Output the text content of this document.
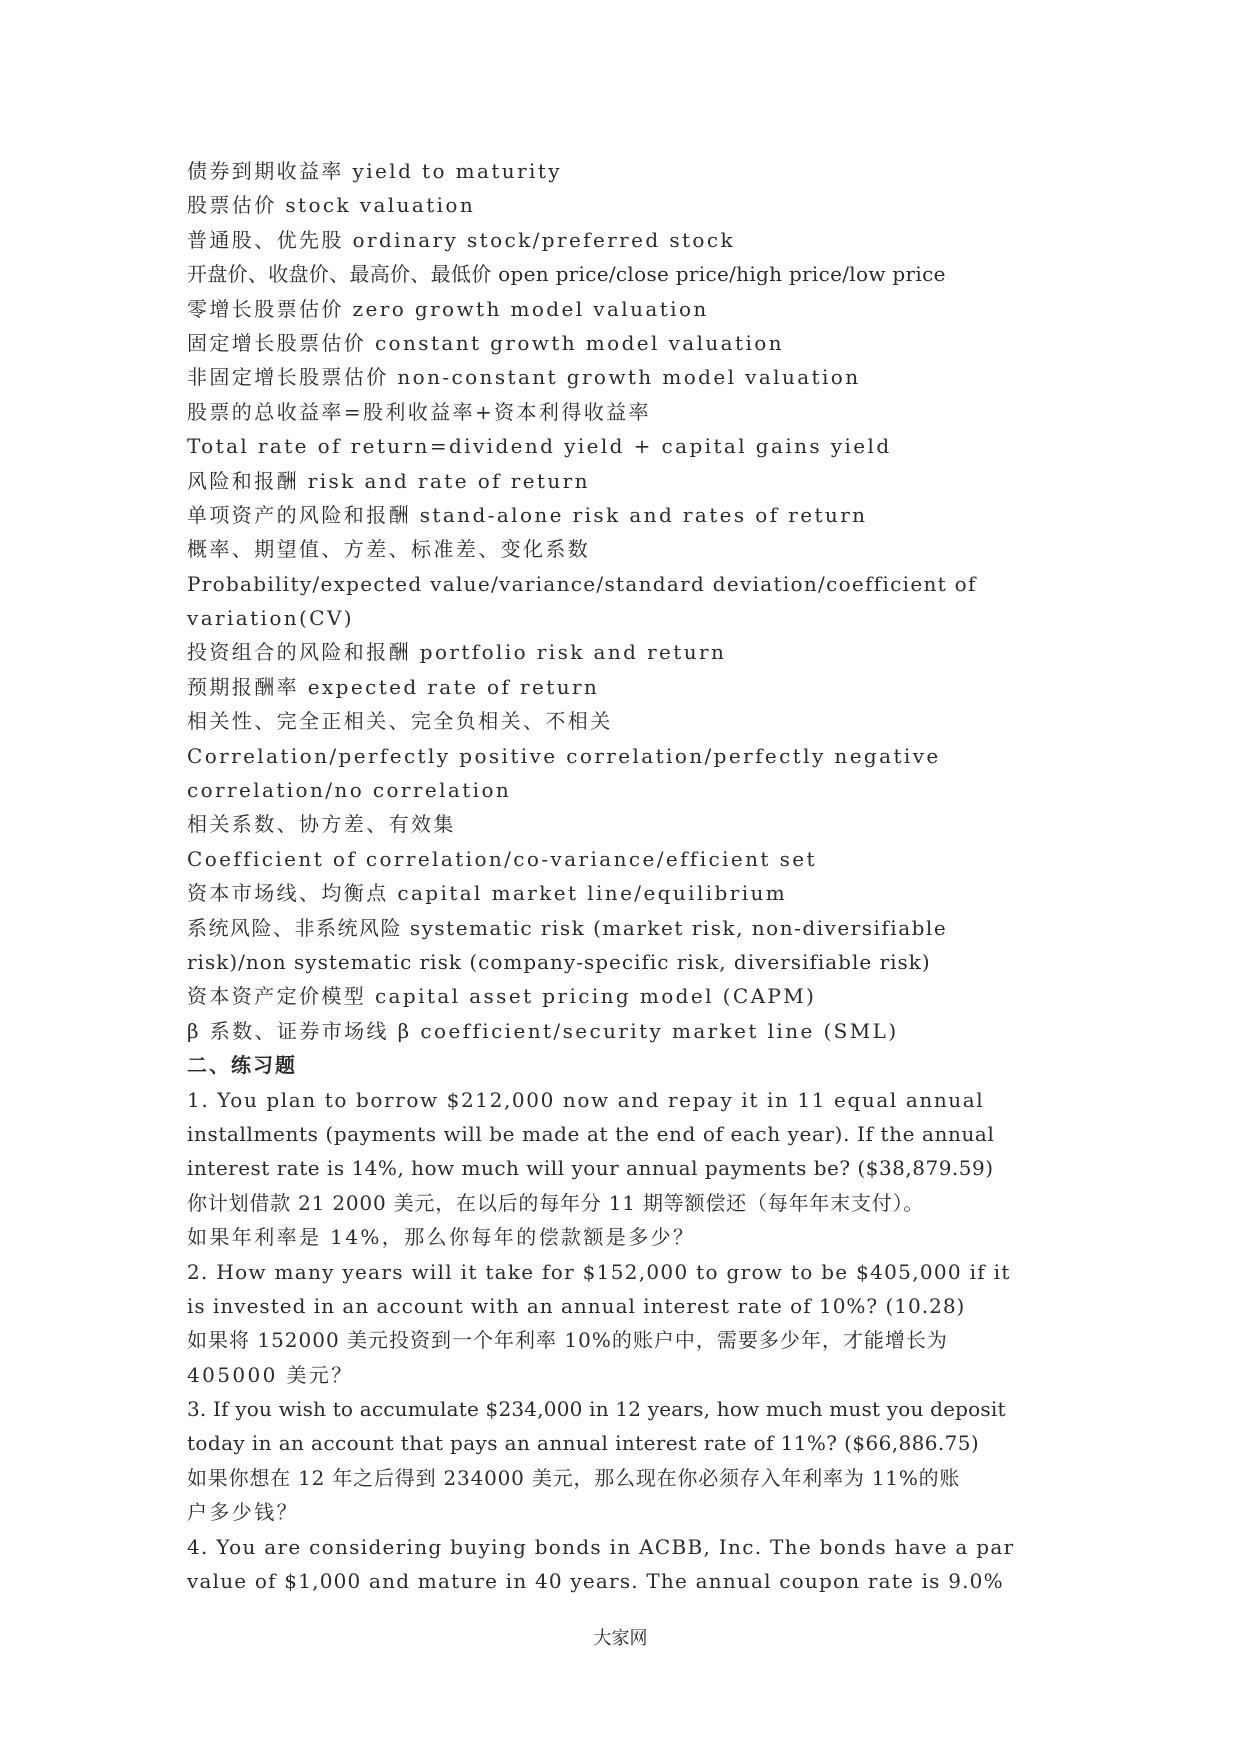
债券到期收益率 yield to maturity
股票估价 stock valuation
普通股、优先股 ordinary stock/preferred stock
开盘价、收盘价、最高价、最低价 open price/close price/high price/low price
零增长股票估价 zero growth model valuation
固定增长股票估价 constant growth model valuation
非固定增长股票估价 non-constant growth model valuation
股票的总收益率=股利收益率+资本利得收益率
Total rate of return=dividend yield + capital gains yield
风险和报酬 risk and rate of return
单项资产的风险和报酬 stand-alone risk and rates of return
概率、期望值、方差、标准差、变化系数
Probability/expected value/variance/standard deviation/coefficient of
variation(CV)
投资组合的风险和报酬 portfolio risk and return
预期报酬率 expected rate of return
相关性、完全正相关、完全负相关、不相关
Correlation/perfectly positive correlation/perfectly negative
correlation/no correlation
相关系数、协方差、有效集
Coefficient of correlation/co-variance/efficient set
资本市场线、均衡点 capital market line/equilibrium
系统风险、非系统风险 systematic risk (market risk, non-diversifiable
risk)/non systematic risk (company-specific risk, diversifiable risk)
资本资产定价模型 capital asset pricing model (CAPM)
β 系数、证券市场线 β coefficient/security market line (SML)
二、练习题
1. You plan to borrow $212,000 now and repay it in 11 equal annual
installments (payments will be made at the end of each year). If the annual
interest rate is 14%, how much will your annual payments be? ($38,879.59)
你计划借款 21 2000 美元，在以后的每年分 11 期等额偿还（每年年末支付）。
如果年利率是 14%，那么你每年的偿款额是多少？
2. How many years will it take for $152,000 to grow to be $405,000 if it
is invested in an account with an annual interest rate of 10%? (10.28)
如果将 152000 美元投资到一个年利率 10%的账户中，需要多少年，才能增长为
405000 美元？
3. If you wish to accumulate $234,000 in 12 years, how much must you deposit
today in an account that pays an annual interest rate of 11%? ($66,886.75)
如果你想在 12 年之后得到 234000 美元，那么现在你必须存入年利率为 11%的账
户多少钱？
4. You are considering buying bonds in ACBB, Inc. The bonds have a par
value of $1,000 and mature in 40 years. The annual coupon rate is 9.0%
大家网
